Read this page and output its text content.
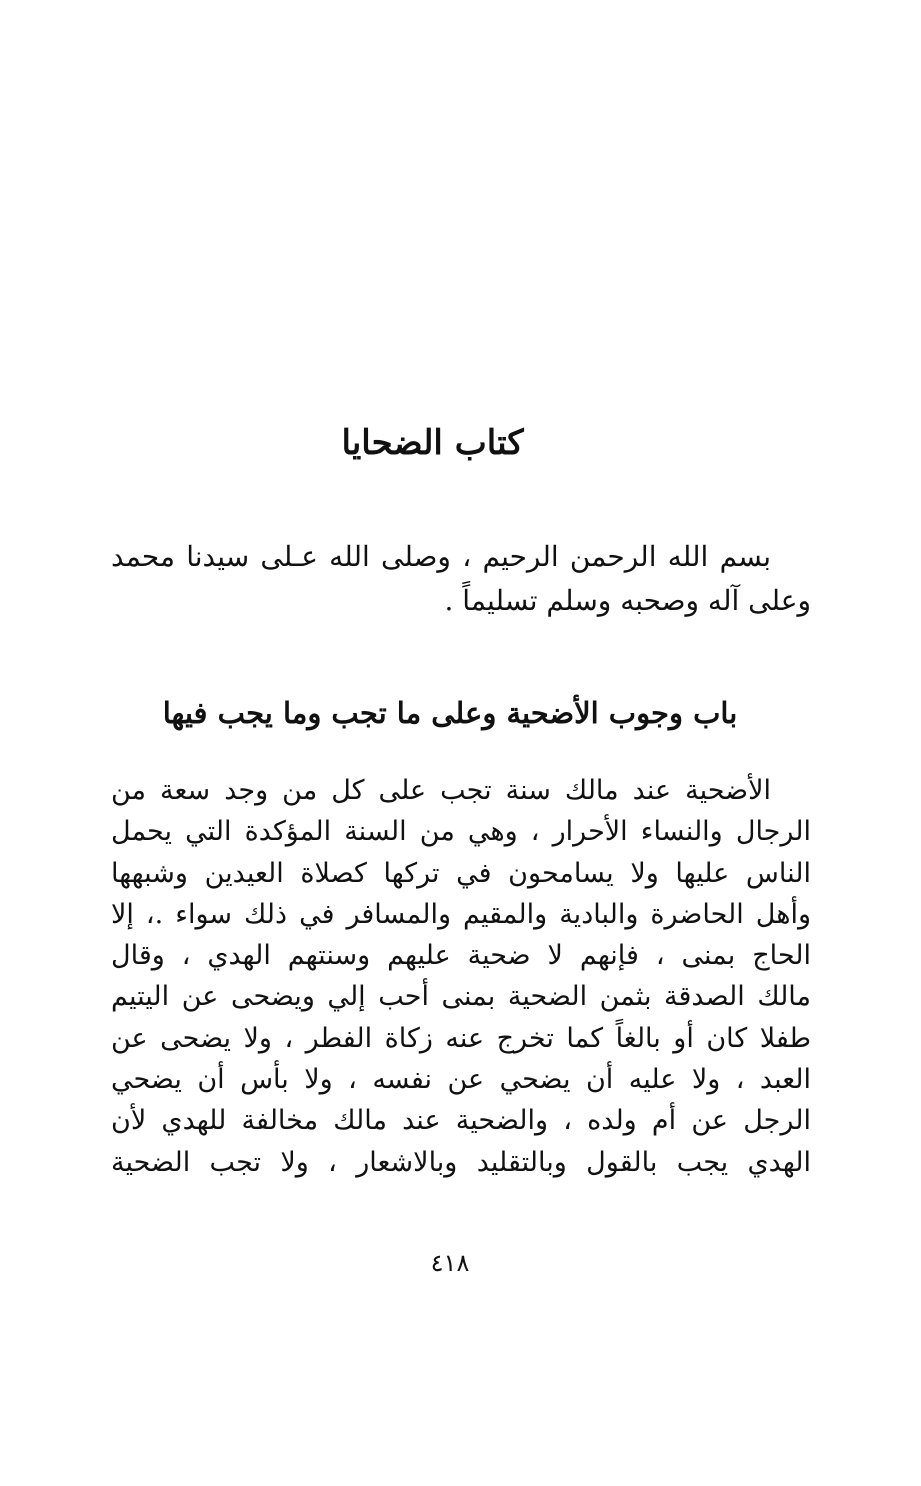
كتاب الضحايا

بسم الله الرحمن الرحيم ، وصلى الله عـلى سيدنا محمد وعلى آله وصحبه وسلم تسليماً .

باب وجوب الأضحية وعلى ما تجب وما يجب فيها
الأضحية عند مالك سنة تجب على كل من وجد سعة من
الرجال والنساء الأحرار ، وهي من السنة المؤكدة التي يحمل
الناس عليها ولا يسامحون في تركها كصلاة العيدين وشبهها
وأهل الحاضرة والبادية والمقيم والمسافر في ذلك سواء .، إلا
الحاج بمنى ، فإنهم لا ضحية عليهم وسنتهم الهدي ، وقال
مالك الصدقة بثمن الضحية بمنى أحب إلي ويضحى عن اليتيم
طفلا كان أو بالغاً كما تخرج عنه زكاة الفطر ، ولا يضحى عن
العبد ، ولا عليه أن يضحي عن نفسه ، ولا بأس أن يضحي
الرجل عن أم ولده ، والضحية عند مالك مخالفة للهدي لأن
الهدي يجب بالقول وبالتقليد وبالاشعار ، ولا تجب الضحية
٤١٨
